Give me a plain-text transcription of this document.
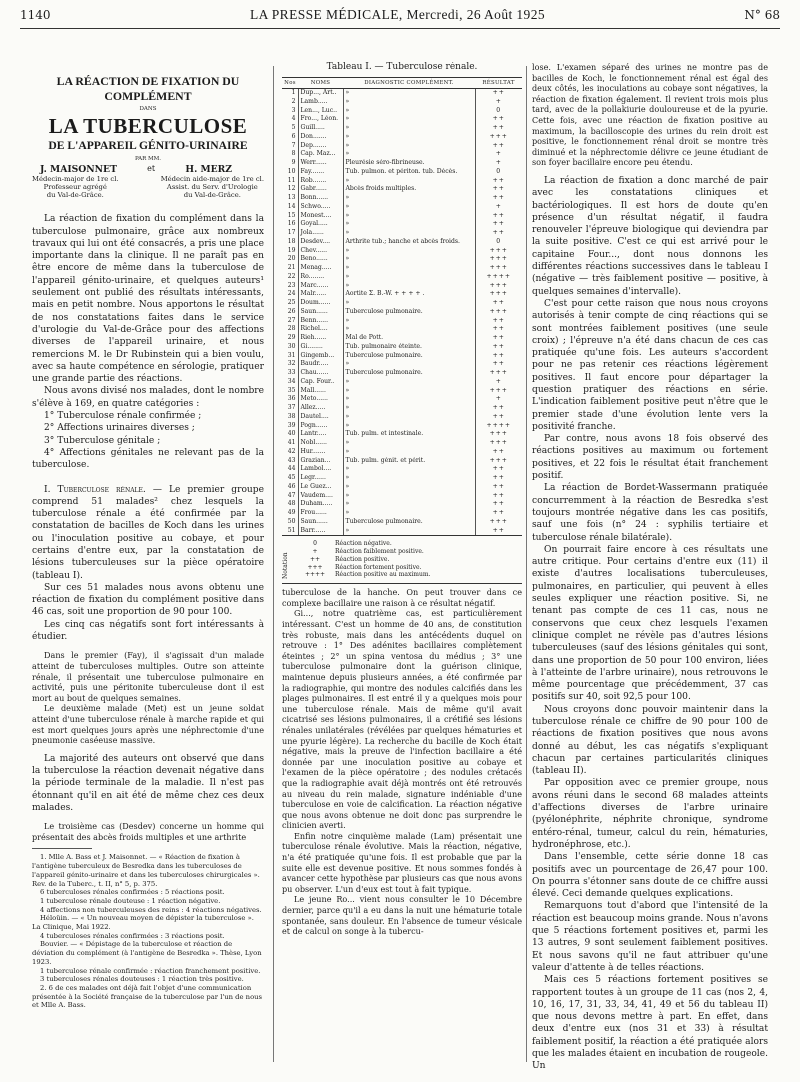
1140	LA PRESSE MÉDICALE, Mercredi, 26 Août 1925	N° 68
LA RÉACTION DE FIXATION DU COMPLÉMENT
DANS
LA TUBERCULOSE
DE L'APPAREIL GÉNITO-URINAIRE
PAR MM.
J. MAISONNET	et	H. MERZ
Médecin-major de 1re cl.
Professeur agrégé
du Val-de-Grâce.
Médecin aide-major de 1re cl.
Assist. du Serv. d'Urologie
du Val-de-Grâce.

La réaction de fixation du complément dans la tuberculose pulmonaire, grâce aux nombreux travaux qui lui ont été consacrés, a pris une place importante dans la clinique. Il ne paraît pas en être encore de même dans la tuberculose de l'appareil génito-urinaire, et quelques auteurs¹ seulement ont publié des résultats intéressants, mais en petit nombre. Nous apportons le résultat de nos constatations faites dans le service d'urologie du Val-de-Grâce pour des affections diverses de l'appareil urinaire, et nous remercions M. le Dr Rubinstein qui a bien voulu, avec sa haute compétence en sérologie, pratiquer une grande partie des réactions.

Nous avons divisé nos malades, dont le nombre s'élève à 169, en quatre catégories :

1° Tuberculose rénale confirmée ;

2° Affections urinaires diverses ;

3° Tuberculose génitale ;

4° Affections génitales ne relevant pas de la tuberculose.

I. Tuberculose rénale. — Le premier groupe comprend 51 malades² chez lesquels la tuberculose rénale a été confirmée par la constatation de bacilles de Koch dans les urines ou l'inoculation positive au cobaye, et pour certains d'entre eux, par la constatation de lésions tuberculeuses sur la pièce opératoire (tableau I).

Sur ces 51 malades nous avons obtenu une réaction de fixation du complément positive dans 46 cas, soit une proportion de 90 pour 100.

Les cinq cas négatifs sont fort intéressants à étudier.

Dans le premier (Fay), il s'agissait d'un malade atteint de tuberculoses multiples. Outre son atteinte rénale, il présentait une tuberculose pulmonaire en activité, puis une péritonite tuberculeuse dont il est mort au bout de quelques semaines.

Le deuxième malade (Met) est un jeune soldat atteint d'une tuberculose rénale à marche rapide et qui est mort quelques jours après une néphrectomie d'une pneumonie caséeuse massive.

La majorité des auteurs ont observé que dans la tuberculose la réaction devenait négative dans la période terminale de la maladie. Il n'est pas étonnant qu'il en ait été de même chez ces deux malades.

Le troisième cas (Desdev) concerne un homme qui présentait des abcès froids multiples et une arthrite

1. Mlle A. Bass et J. Maisonnet. — « Réaction de fixation à l'antigène tuberculeux de Besredka dans les tuberculoses de l'appareil génito-urinaire et dans les tuberculoses chirurgicales ». Rev. de la Tuberc., t. II, n° 5, p. 375.

6 tuberculoses rénales confirmées : 5 réactions posit.

1 tuberculose rénale douteuse : 1 réaction négative.

4 affections non tuberculeuses des reins : 4 réactions négatives.

Héloüin. — « Un nouveau moyen de dépister la tuberculose ». La Clinique, Mai 1922.

4 tuberculoses rénales confirmées : 3 réactions posit.

Bouvier. — « Dépistage de la tuberculose et réaction de déviation du complément (à l'antigène de Besredka ». Thèse, Lyon 1923.

1 tuberculose rénale confirmée : réaction franchement positive.

3 tuberculoses rénales douteuses : 1 réaction très positive.

2. 6 de ces malades ont déjà fait l'objet d'une communication présentée à la Société française de la tuberculose par l'un de nous et Mlle A. Bass.

Tableau I. — Tuberculose rénale.
Nos	NOMS	DIAGNOSTIC COMPLÉMENT.	RÉSULTAT
1	Dup..., Art..	»	++
2	Lamb.....	»	+
3	Len..., Luc..	»	0
4	Fro..., Léon.	»	++
5	Guill.....	»	++
6	Don.......	»	+++
7	Dep.......	»	++
8	Cap. Maz...	»	+
9	Werr......	Pleurésie séro-fibrineuse.	+
10	Fay.......	Tub. pulmon. et périton. tub. Décès.	0
11	Rob.......	»	++
12	Gabr......	Abcès froids multiples.	++
13	Bonn......	»	++
14	Schwo.....	»	+
15	Monest....	»	++
16	Goyal.....	»	++
17	Jola......	»	++
18	Desdev....	Arthrite tub.; hanche et abcès froids.	0
19	Chev......	»	+++
20	Beno......	»	+++
21	Menag.....	»	+++
22	Ro........	»	++++
23	Marc......	»	+++
24	Malr......	Aortite Σ. B.-W. + + + + .	+++
25	Doum......	»	++
26	Saun......	Tuberculose pulmonaire.	+++
27	Benn......	»	++
28	Richel....	»	++
29	Rieh......	Mal de Pott.	++
30	Gi........	Tub. pulmonaire éteinte.	++
31	Gingemb...	Tuberculose pulmonaire.	++
32	Baudr.....	»	++
33	Chau......	Tuberculose pulmonaire.	+++
34	Cap. Four..	»	+
35	Mall......	»	+++
36	Meto......	»	+
37	Allez.....	»	++
38	Dautel....	»	++
39	Pogn......	»	++++
40	Lantr.....	Tub. pulm. et intestinale.	+++
41	Nobl......	»	+++
42	Hur.......	»	++
43	Grazian...	Tub. pulm. génit. et périt.	+++
44	Lambol....	»	++
45	Legr......	»	++
46	Le Guez...	»	++
47	Vaudem....	»	++
48	Duham.....	»	++
49	Frou......	»	++
50	Saun......	Tuberculose pulmonaire.	+++
51	Barr......	»	++
Notation
0	Réaction négative.
+	Réaction faiblement positive.
++ Réaction positive.
+++ Réaction fortement positive.
++++ Réaction positive au maximum.

tuberculose de la hanche. On peut trouver dans ce complexe bacillaire une raison à ce résultat négatif.

Gi..., notre quatrième cas, est particulièrement intéressant. C'est un homme de 40 ans, de constitution très robuste, mais dans les antécédents duquel on retrouve : 1° Des adénites bacillaires complètement éteintes ; 2° un spina ventosa du médius ; 3° une tuberculose pulmonaire dont la guérison clinique, maintenue depuis plusieurs années, a été confirmée par la radiographie, qui montre des nodules calcifiés dans les plages pulmonaires. Il est entré il y a quelques mois pour une tuberculose rénale. Mais de même qu'il avait cicatrisé ses lésions pulmonaires, il a crétifié ses lésions rénales unilatérales (révélées par quelques hématuries et une pyurie légère). La recherche du bacille de Koch était négative, mais la preuve de l'infection bacillaire a été donnée par une inoculation positive au cobaye et l'examen de la pièce opératoire ; des nodules crétacés que la radiographie avait déjà montrés ont été retrouvés au niveau du rein malade, signature indéniable d'une tuberculose en voie de calcification. La réaction négative que nous avons obtenue ne doit donc pas surprendre le clinicien averti.

Enfin notre cinquième malade (Lam) présentait une tuberculose rénale évolutive. Mais la réaction, négative, n'a été pratiquée qu'une fois. Il est probable que par la suite elle est devenue positive. Et nous sommes fondés à avancer cette hypothèse par plusieurs cas que nous avons pu observer. L'un d'eux est tout à fait typique.

Le jeune Ro... vient nous consulter le 10 Décembre dernier, parce qu'il a eu dans la nuit une hématurie totale spontanée, sans douleur. En l'absence de tumeur vésicale et de calcul on songe à la tubercu-

lose. L'examen séparé des urines ne montre pas de bacilles de Koch, le fonctionnement rénal est égal des deux côtés, les inoculations au cobaye sont négatives, la réaction de fixation également. Il revient trois mois plus tard, avec de la pollakiurie douloureuse et de la pyurie. Cette fois, avec une réaction de fixation positive au maximum, la bacilloscopie des urines du rein droit est positive, le fonctionnement rénal droit se montre très diminué et la néphrectomie délivre ce jeune étudiant de son foyer bacillaire encore peu étendu.

La réaction de fixation a donc marché de pair avec les constatations cliniques et bactériologiques. Il est hors de doute qu'en présence d'un résultat négatif, il faudra renouveler l'épreuve biologique qui deviendra par la suite positive. C'est ce qui est arrivé pour le capitaine Four..., dont nous donnons les différentes réactions successives dans le tableau I (négative — très faiblement positive — positive, à quelques semaines d'intervalle).

C'est pour cette raison que nous nous croyons autorisés à tenir compte de cinq réactions qui se sont montrées faiblement positives (une seule croix) ; l'épreuve n'a été dans chacun de ces cas pratiquée qu'une fois. Les auteurs s'accordent pour ne pas retenir ces réactions légèrement positives. Il faut encore pour départager la question pratiquer des réactions en série. L'indication faiblement positive peut n'être que le premier stade d'une évolution lente vers la positivité franche.

Par contre, nous avons 18 fois observé des réactions positives au maximum ou fortement positives, et 22 fois le résultat était franchement positif.

La réaction de Bordet-Wassermann pratiquée concurremment à la réaction de Besredka s'est toujours montrée négative dans les cas positifs, sauf une fois (n° 24 : syphilis tertiaire et tuberculose rénale bilatérale).

On pourrait faire encore à ces résultats une autre critique. Pour certains d'entre eux (11) il existe d'autres localisations tuberculeuses, pulmonaires, en particulier, qui peuvent à elles seules expliquer une réaction positive. Si, ne tenant pas compte de ces 11 cas, nous ne conservons que ceux chez lesquels l'examen clinique complet ne révèle pas d'autres lésions tuberculeuses (sauf des lésions génitales qui sont, dans une proportion de 50 pour 100 environ, liées à l'atteinte de l'arbre urinaire), nous retrouvons le même pourcentage que précédemment, 37 cas positifs sur 40, soit 92,5 pour 100.

Nous croyons donc pouvoir maintenir dans la tuberculose rénale ce chiffre de 90 pour 100 de réactions de fixation positives que nous avons donné au début, les cas négatifs s'expliquant chacun par certaines particularités cliniques (tableau II).

Par opposition avec ce premier groupe, nous avons réuni dans le second 68 malades atteints d'affections diverses de l'arbre urinaire (pyélonéphrite, néphrite chronique, syndrome entéro-rénal, tumeur, calcul du rein, hématuries, hydronéphrose, etc.).

Dans l'ensemble, cette série donne 18 cas positifs avec un pourcentage de 26,47 pour 100. On pourra s'étonner sans doute de ce chiffre aussi élevé. Ceci demande quelques explications.

Remarquons tout d'abord que l'intensité de la réaction est beaucoup moins grande. Nous n'avons que 5 réactions fortement positives et, parmi les 13 autres, 9 sont seulement faiblement positives. Et nous savons qu'il ne faut attribuer qu'une valeur d'attente à de telles réactions.

Mais ces 5 réactions fortement positives se rapportent toutes à un groupe de 11 cas (nos 2, 4, 10, 16, 17, 31, 33, 34, 41, 49 et 56 du tableau II) que nous devons mettre à part. En effet, dans deux d'entre eux (nos 31 et 33) à résultat faiblement positif, la réaction a été pratiquée alors que les malades étaient en incubation de rougeole. Un
